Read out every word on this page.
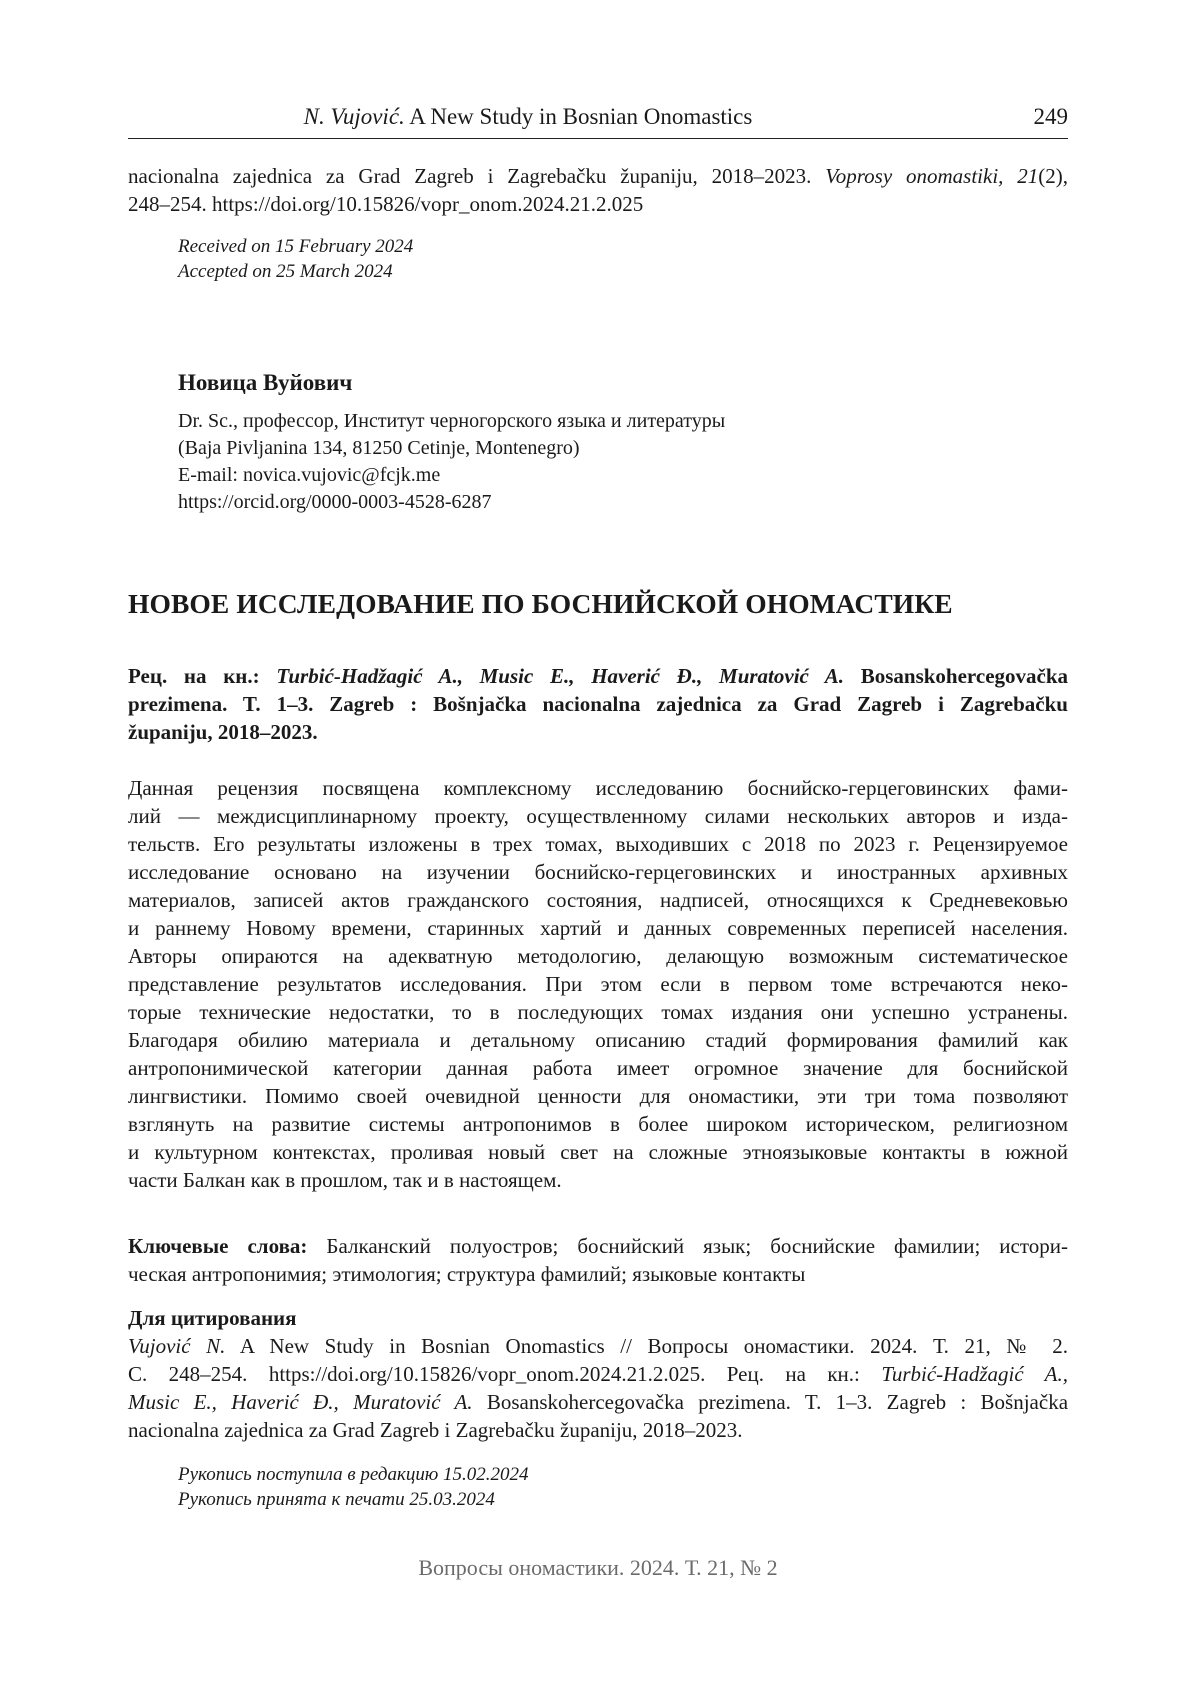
N. Vujović. A New Study in Bosnian Onomastics	249
nacionalna zajednica za Grad Zagreb i Zagrebačku županiju, 2018–2023. Voprosy onomastiki, 21(2),
248–254. https://doi.org/10.15826/vopr_onom.2024.21.2.025
Received on 15 February 2024
Accepted on 25 March 2024
Новица Вуйович
Dr. Sc., профессор, Институт черногорского языка и литературы
(Baja Pivljanina 134, 81250 Cetinje, Montenegro)
E-mail: novica.vujovic@fcjk.me
https://orcid.org/0000-0003-4528-6287
НОВОЕ ИССЛЕДОВАНИЕ ПО БОСНИЙСКОЙ ОНОМАСТИКЕ
Рец. на кн.: Turbić-Hadžagić A., Music E., Haverić Đ., Muratović A. Bosanskohercegovačka
prezimena. T. 1–3. Zagreb : Bošnjačka nacionalna zajednica za Grad Zagreb i Zagrebačku
županiju, 2018–2023.
Данная рецензия посвящена комплексному исследованию боснийско-герцеговинских фами-
лий — междисциплинарному проекту, осуществленному силами нескольких авторов и изда-
тельств. Его результаты изложены в трех томах, выходивших с 2018 по 2023 г. Рецензируемое
исследование основано на изучении боснийско-герцеговинских и иностранных архивных
материалов, записей актов гражданского состояния, надписей, относящихся к Средневековью
и раннему Новому времени, старинных хартий и данных современных переписей населения.
Авторы опираются на адекватную методологию, делающую возможным систематическое
представление результатов исследования. При этом если в первом томе встречаются неко-
торые технические недостатки, то в последующих томах издания они успешно устранены.
Благодаря обилию материала и детальному описанию стадий формирования фамилий как
антропонимической категории данная работа имеет огромное значение для боснийской
лингвистики. Помимо своей очевидной ценности для ономастики, эти три тома позволяют
взглянуть на развитие системы антропонимов в более широком историческом, религиозном
и культурном контекстах, проливая новый свет на сложные этноязыковые контакты в южной
части Балкан как в прошлом, так и в настоящем.
Ключевые слова: Балканский полуостров; боснийский язык; боснийские фамилии; истори-
ческая антропонимия; этимология; структура фамилий; языковые контакты
Для цитирования
Vujović N. A New Study in Bosnian Onomastics // Вопросы ономастики. 2024. Т. 21, № 2.
С. 248–254. https://doi.org/10.15826/vopr_onom.2024.21.2.025. Рец. на кн.: Turbić-Hadžagić A.,
Music E., Haverić Đ., Muratović A. Bosanskohercegovačka prezimena. T. 1–3. Zagreb : Bošnjačka
nacionalna zajednica za Grad Zagreb i Zagrebačku županiju, 2018–2023.
Рукопись поступила в редакцию 15.02.2024
Рукопись принята к печати 25.03.2024
Вопросы ономастики. 2024. Т. 21, № 2
